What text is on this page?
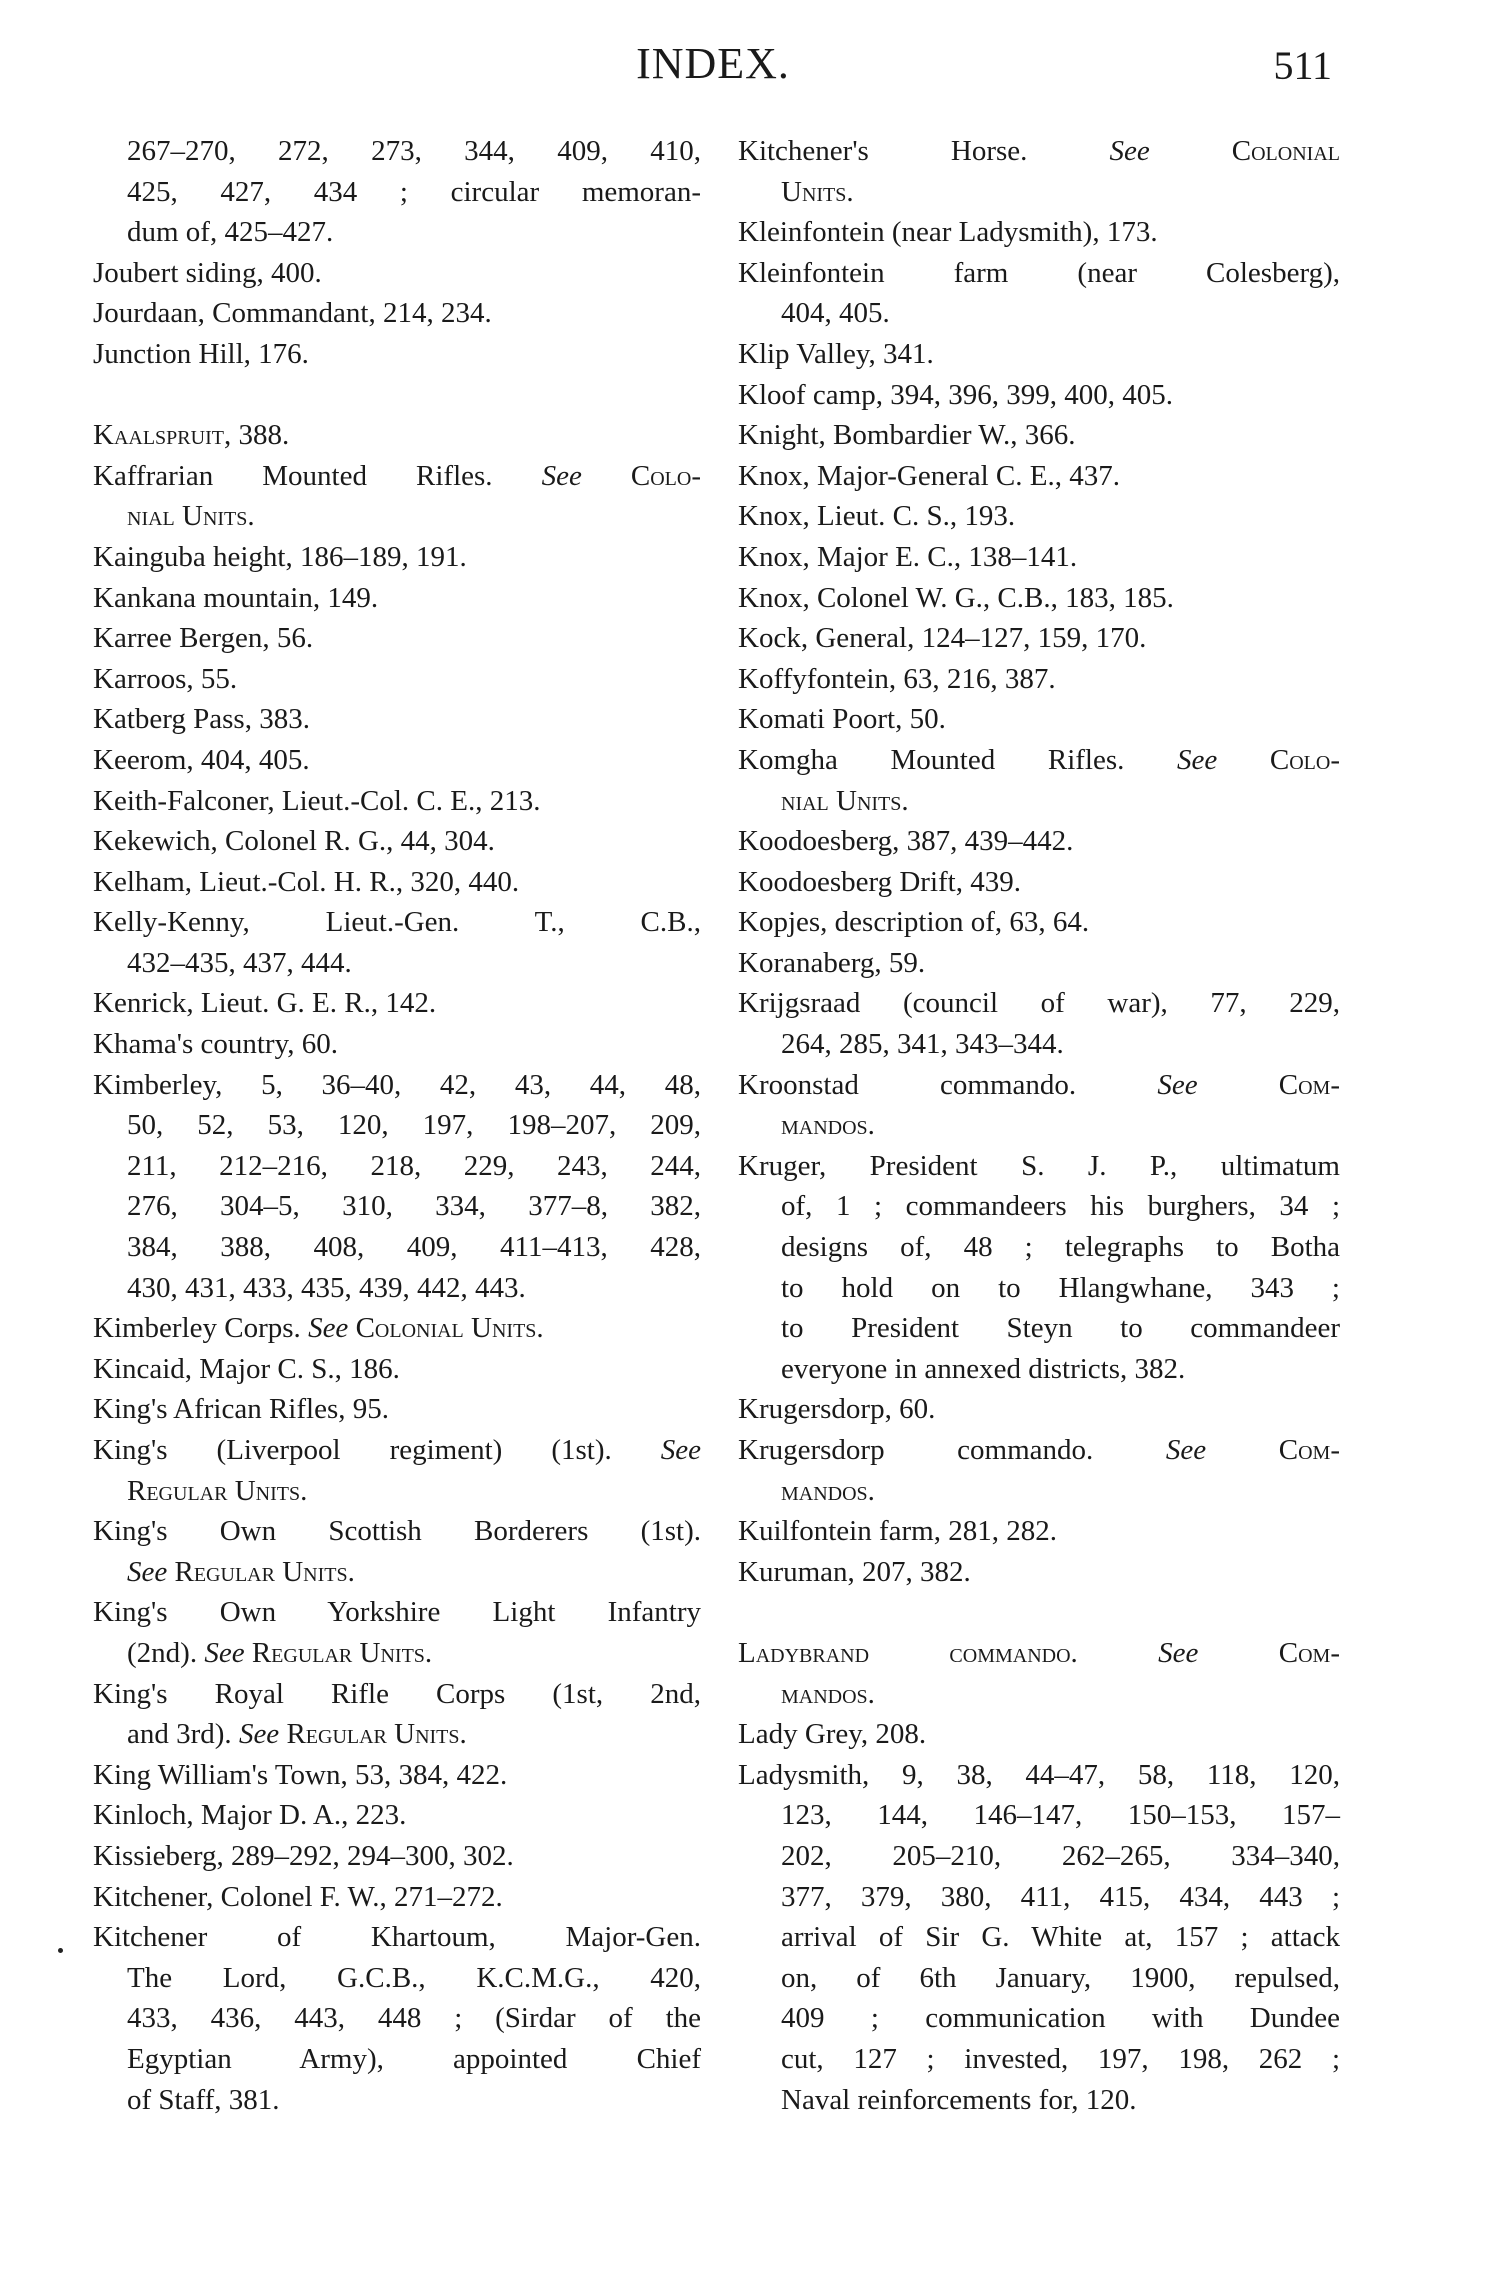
INDEX.	511
267–270, 272, 273, 344, 409, 410,
425, 427, 434 ; circular memoran-
dum of, 425–427.
Joubert siding, 400.
Jourdaan, Commandant, 214, 234.
Junction Hill, 176.
Kaalspruit, 388.
Kaffrarian Mounted Rifles. See Colo-
nial Units.
Kainguba height, 186–189, 191.
Kankana mountain, 149.
Karree Bergen, 56.
Karroos, 55.
Katberg Pass, 383.
Keerom, 404, 405.
Keith-Falconer, Lieut.-Col. C. E., 213.
Kekewich, Colonel R. G., 44, 304.
Kelham, Lieut.-Col. H. R., 320, 440.
Kelly-Kenny, Lieut.-Gen. T., C.B.,
432–435, 437, 444.
Kenrick, Lieut. G. E. R., 142.
Khama's country, 60.
Kimberley, 5, 36–40, 42, 43, 44, 48,
50, 52, 53, 120, 197, 198–207, 209,
211, 212–216, 218, 229, 243, 244,
276, 304–5, 310, 334, 377–8, 382,
384, 388, 408, 409, 411–413, 428,
430, 431, 433, 435, 439, 442, 443.
Kimberley Corps. See Colonial Units.
Kincaid, Major C. S., 186.
King's African Rifles, 95.
King's (Liverpool regiment) (1st). See
Regular Units.
King's Own Scottish Borderers (1st).
See Regular Units.
King's Own Yorkshire Light Infantry
(2nd). See Regular Units.
King's Royal Rifle Corps (1st, 2nd,
and 3rd). See Regular Units.
King William's Town, 53, 384, 422.
Kinloch, Major D. A., 223.
Kissieberg, 289–292, 294–300, 302.
Kitchener, Colonel F. W., 271–272.
Kitchener of Khartoum, Major-Gen.
The Lord, G.C.B., K.C.M.G., 420,
433, 436, 443, 448 ; (Sirdar of the
Egyptian Army), appointed Chief
of Staff, 381.
Kitchener's Horse. See Colonial
Units.
Kleinfontein (near Ladysmith), 173.
Kleinfontein farm (near Colesberg),
404, 405.
Klip Valley, 341.
Kloof camp, 394, 396, 399, 400, 405.
Knight, Bombardier W., 366.
Knox, Major-General C. E., 437.
Knox, Lieut. C. S., 193.
Knox, Major E. C., 138–141.
Knox, Colonel W. G., C.B., 183, 185.
Kock, General, 124–127, 159, 170.
Koffyfontein, 63, 216, 387.
Komati Poort, 50.
Komgha Mounted Rifles. See Colo-
nial Units.
Koodoesberg, 387, 439–442.
Koodoesberg Drift, 439.
Kopjes, description of, 63, 64.
Koranaberg, 59.
Krijgsraad (council of war), 77, 229,
264, 285, 341, 343–344.
Kroonstad commando. See Com-
mandos.
Kruger, President S. J. P., ultimatum
of, 1 ; commandeers his burghers, 34 ;
designs of, 48 ; telegraphs to Botha
to hold on to Hlangwhane, 343 ;
to President Steyn to commandeer
everyone in annexed districts, 382.
Krugersdorp, 60.
Krugersdorp commando. See Com-
mandos.
Kuilfontein farm, 281, 282.
Kuruman, 207, 382.
Ladybrand commando. See Com-
mandos.
Lady Grey, 208.
Ladysmith, 9, 38, 44–47, 58, 118, 120,
123, 144, 146–147, 150–153, 157–
202, 205–210, 262–265, 334–340,
377, 379, 380, 411, 415, 434, 443 ;
arrival of Sir G. White at, 157 ; attack
on, of 6th January, 1900, repulsed,
409 ; communication with Dundee
cut, 127 ; invested, 197, 198, 262 ;
Naval reinforcements for, 120.
